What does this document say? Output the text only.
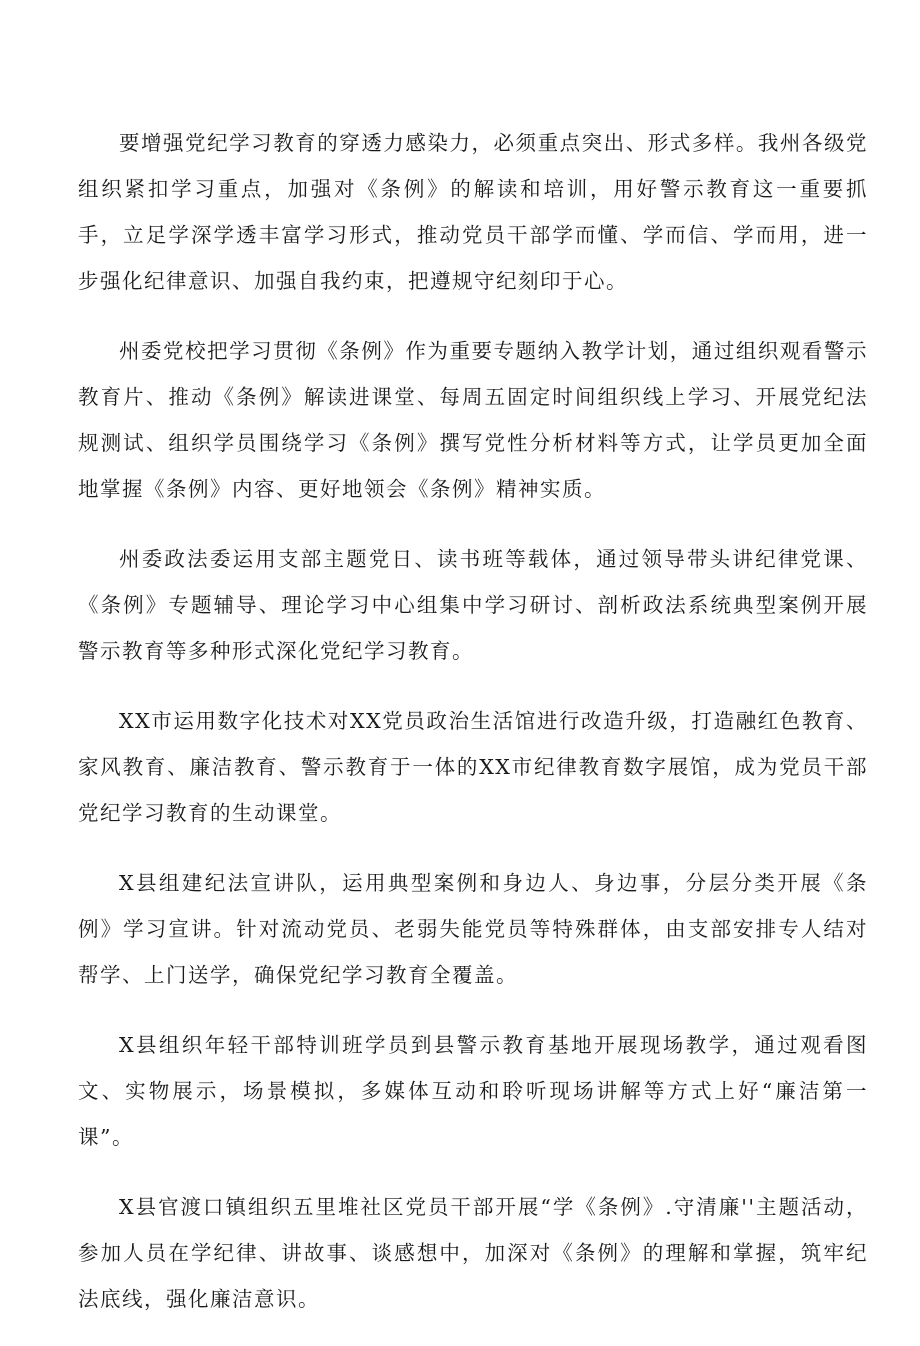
要增强党纪学习教育的穿透力感染力，必须重点突出、形式多样。我州各级党组织紧扣学习重点，加强对《条例》的解读和培训，用好警示教育这一重要抓手，立足学深学透丰富学习形式，推动党员干部学而懂、学而信、学而用，进一步强化纪律意识、加强自我约束，把遵规守纪刻印于心。

州委党校把学习贯彻《条例》作为重要专题纳入教学计划，通过组织观看警示教育片、推动《条例》解读进课堂、每周五固定时间组织线上学习、开展党纪法规测试、组织学员围绕学习《条例》撰写党性分析材料等方式，让学员更加全面地掌握《条例》内容、更好地领会《条例》精神实质。

州委政法委运用支部主题党日、读书班等载体，通过领导带头讲纪律党课、《条例》专题辅导、理论学习中心组集中学习研讨、剖析政法系统典型案例开展警示教育等多种形式深化党纪学习教育。

XX市运用数字化技术对XX党员政治生活馆进行改造升级，打造融红色教育、家风教育、廉洁教育、警示教育于一体的XX市纪律教育数字展馆，成为党员干部党纪学习教育的生动课堂。

X县组建纪法宣讲队，运用典型案例和身边人、身边事，分层分类开展《条例》学习宣讲。针对流动党员、老弱失能党员等特殊群体，由支部安排专人结对帮学、上门送学，确保党纪学习教育全覆盖。

X县组织年轻干部特训班学员到县警示教育基地开展现场教学，通过观看图文、实物展示，场景模拟，多媒体互动和聆听现场讲解等方式上好“廉洁第一课”。

X县官渡口镇组织五里堆社区党员干部开展“学《条例》.守清廉''主题活动，参加人员在学纪律、讲故事、谈感想中，加深对《条例》的理解和掌握，筑牢纪法底线，强化廉洁意识。
